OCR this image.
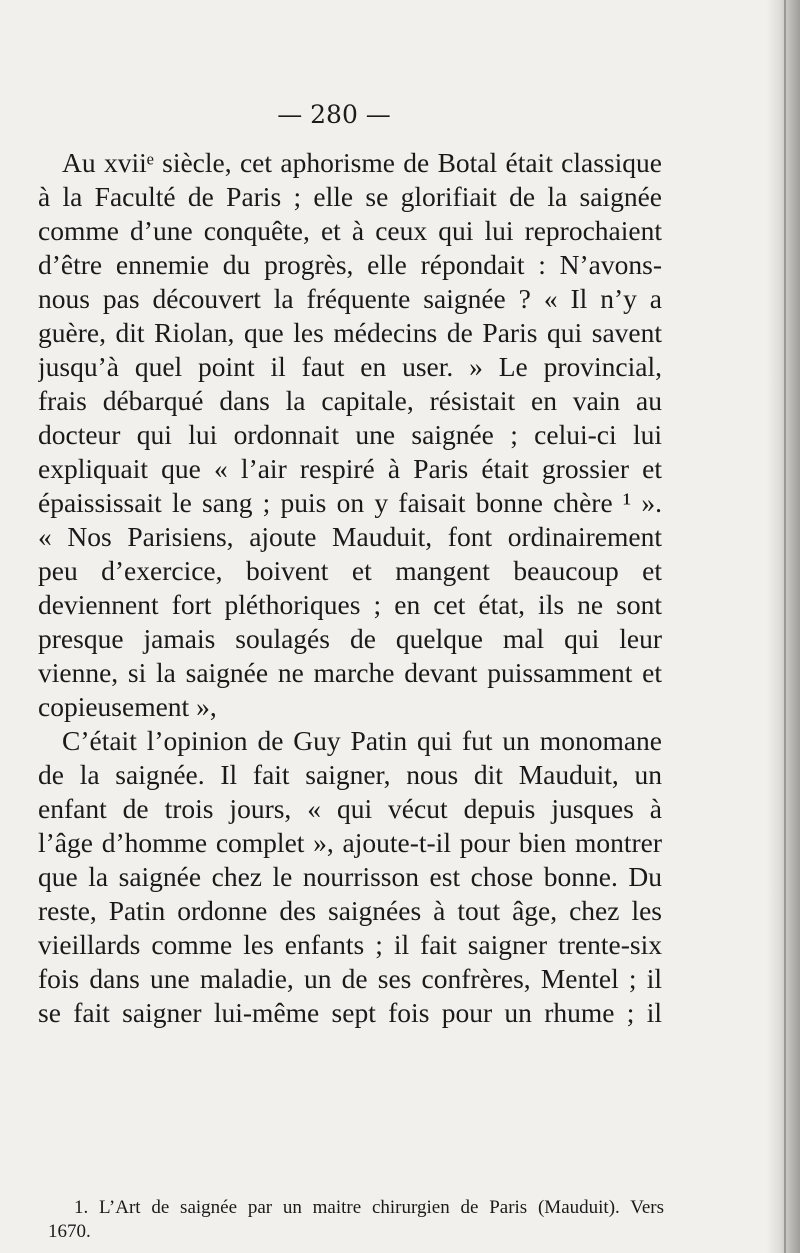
— 280 —
Au xviiᵉ siècle, cet aphorisme de Botal était classique
à la Faculté de Paris ; elle se glorifiait de la saignée
comme d’une conquête, et à ceux qui lui reprochaient
d’être ennemie du progrès, elle répondait : N’avons-
nous pas découvert la fréquente saignée ? « Il n’y a
guère, dit Riolan, que les médecins de Paris qui savent
jusqu’à quel point il faut en user. » Le provincial,
frais débarqué dans la capitale, résistait en vain au
docteur qui lui ordonnait une saignée ; celui-ci lui
expliquait que « l’air respiré à Paris était grossier et
épaississait le sang ; puis on y faisait bonne chère ¹ ».
« Nos Parisiens, ajoute Mauduit, font ordinairement
peu d’exercice, boivent et mangent beaucoup et
deviennent fort pléthoriques ; en cet état, ils ne sont
presque jamais soulagés de quelque mal qui leur
vienne, si la saignée ne marche devant puissamment et
copieusement »,
C’était l’opinion de Guy Patin qui fut un monomane
de la saignée. Il fait saigner, nous dit Mauduit, un
enfant de trois jours, « qui vécut depuis jusques à
l’âge d’homme complet », ajoute-t-il pour bien montrer
que la saignée chez le nourrisson est chose bonne. Du
reste, Patin ordonne des saignées à tout âge, chez les
vieillards comme les enfants ; il fait saigner trente-six
fois dans une maladie, un de ses confrères, Mentel ; il
se fait saigner lui-même sept fois pour un rhume ; il
1. L’Art de saignée par un maitre chirurgien de Paris (Mauduit). Vers
1670.
